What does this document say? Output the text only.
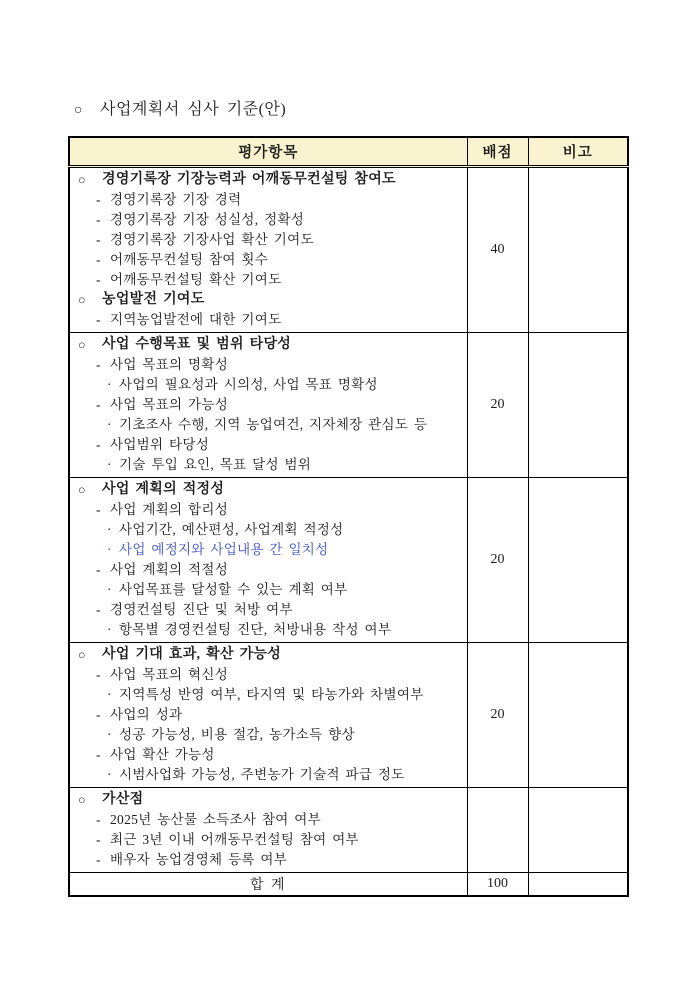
○ 사업계획서 심사 기준(안)
평가항목	배점	비고

○	경영기록장 기장능력과 어깨동무컨설팅 참여도
- 경영기록장 기장 경력
- 경영기록장 기장 성실성, 정확성
- 경영기록장 기장사업 확산 기여도
- 어깨동무컨설팅 참여 횟수
- 어깨동무컨설팅 확산 기여도
○	농업발전 기여도
- 지역농업발전에 대한 기여도
	40	

○	사업 수행목표 및 범위 타당성
- 사업 목표의 명확성
· 사업의 필요성과 시의성, 사업 목표 명확성
- 사업 목표의 가능성
· 기초조사 수행, 지역 농업여건, 지자체장 관심도 등
- 사업범위 타당성
· 기술 투입 요인, 목표 달성 범위
	20	

○	사업 계획의 적정성
- 사업 계획의 합리성
· 사업기간, 예산편성, 사업계획 적정성
· 사업 예정지와 사업내용 간 일치성
- 사업 계획의 적절성
· 사업목표를 달성할 수 있는 계획 여부
- 경영컨설팅 진단 및 처방 여부
· 항목별 경영컨설팅 진단, 처방내용 작성 여부
	20	

○	사업 기대 효과, 확산 가능성
- 사업 목표의 혁신성
· 지역특성 반영 여부, 타지역 및 타농가와 차별여부
- 사업의 성과
· 성공 가능성, 비용 절감, 농가소득 향상
- 사업 확산 가능성
· 시범사업화 가능성, 주변농가 기술적 파급 정도
	20	

○	가산점
- 2025년 농산물 소득조사 참여 여부
- 최근 3년 이내 어깨동무컨설팅 참여 여부
- 배우자 농업경영체 등록 여부

합 계	100	
